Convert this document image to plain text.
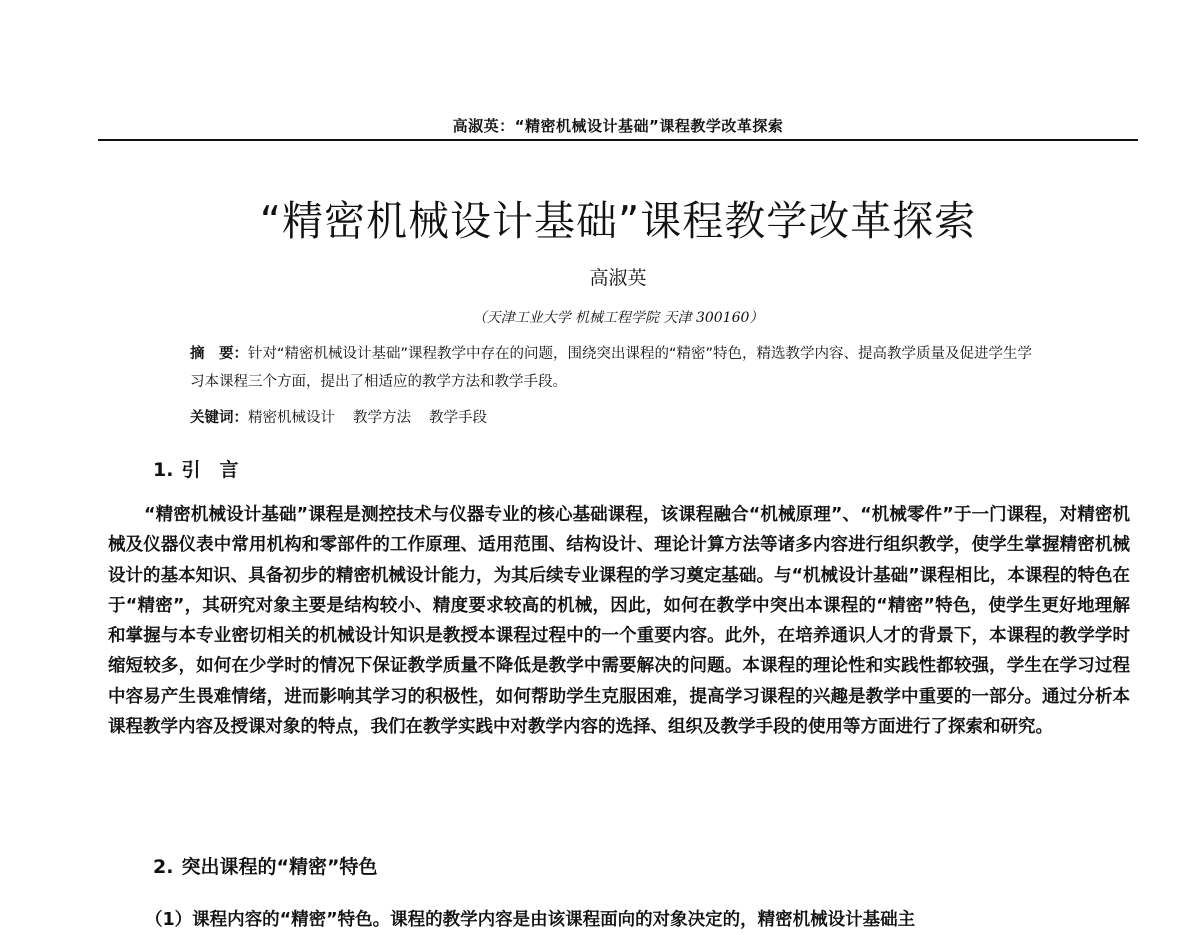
高淑英：“精密机械设计基础”课程教学改革探索
“精密机械设计基础”课程教学改革探索
高淑英
（天津工业大学 机械工程学院 天津 300160）
摘　要：针对“精密机械设计基础”课程教学中存在的问题，围绕突出课程的“精密”特色，精选教学内容、提高教学质量及促进学生学习本课程三个方面，提出了相适应的教学方法和教学手段。
关键词：精密机械设计 教学方法 教学手段
1. 引　言
“精密机械设计基础”课程是测控技术与仪器专业的核心基础课程，该课程融合“机械原理”、“机械零件”于一门课程，对精密机械及仪器仪表中常用机构和零部件的工作原理、适用范围、结构设计、理论计算方法等诸多内容进行组织教学，使学生掌握精密机械设计的基本知识、具备初步的精密机械设计能力，为其后续专业课程的学习奠定基础。与“机械设计基础”课程相比，本课程的特色在于“精密”，其研究对象主要是结构较小、精度要求较高的机械，因此，如何在教学中突出本课程的“精密”特色，使学生更好地理解和掌握与本专业密切相关的机械设计知识是教授本课程过程中的一个重要内容。此外，在培养通识人才的背景下，本课程的教学学时缩短较多，如何在少学时的情况下保证教学质量不降低是教学中需要解决的问题。本课程的理论性和实践性都较强，学生在学习过程中容易产生畏难情绪，进而影响其学习的积极性，如何帮助学生克服困难，提高学习课程的兴趣是教学中重要的一部分。通过分析本课程教学内容及授课对象的特点，我们在教学实践中对教学内容的选择、组织及教学手段的使用等方面进行了探索和研究。
2. 突出课程的“精密”特色
（1）课程内容的“精密”特色。课程的教学内容是由该课程面向的对象决定的，精密机械设计基础主
